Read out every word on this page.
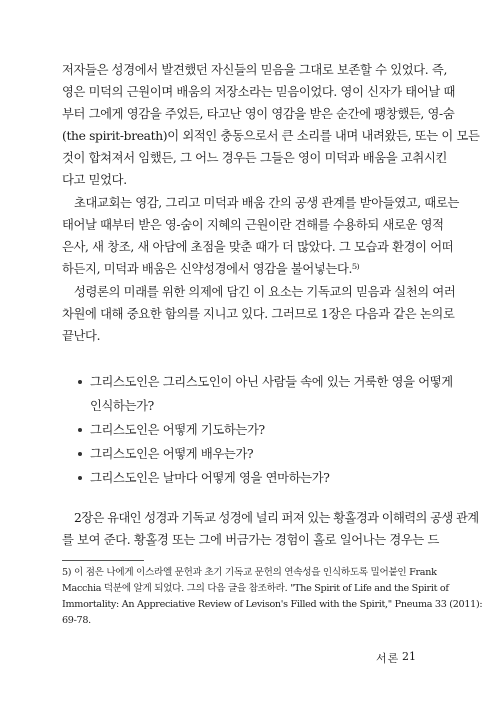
저자들은 성경에서 발견했던 자신들의 믿음을 그대로 보존할 수 있었다. 즉,
영은 미덕의 근원이며 배움의 저장소라는 믿음이었다. 영이 신자가 태어날 때
부터 그에게 영감을 주었든, 타고난 영이 영감을 받은 순간에 팽창했든, 영-숨
(the spirit-breath)이 외적인 충동으로서 큰 소리를 내며 내려왔든, 또는 이 모든
것이 합쳐져서 임했든, 그 어느 경우든 그들은 영이 미덕과 배움을 고취시킨
다고 믿었다.
초대교회는 영감, 그리고 미덕과 배움 간의 공생 관계를 받아들였고, 때로는
태어날 때부터 받은 영-숨이 지혜의 근원이란 견해를 수용하되 새로운 영적
은사, 새 창조, 새 아담에 초점을 맞춘 때가 더 많았다. 그 모습과 환경이 어떠
하든지, 미덕과 배움은 신약성경에서 영감을 불어넣는다.⁵⁾
성령론의 미래를 위한 의제에 담긴 이 요소는 기독교의 믿음과 실천의 여러
차원에 대해 중요한 함의를 지니고 있다. 그러므로 1장은 다음과 같은 논의로
끝난다.
그리스도인은 그리스도인이 아닌 사람들 속에 있는 거룩한 영을 어떻게
인식하는가?
그리스도인은 어떻게 기도하는가?
그리스도인은 어떻게 배우는가?
그리스도인은 날마다 어떻게 영을 연마하는가?
2장은 유대인 성경과 기독교 성경에 널리 퍼져 있는 황홀경과 이해력의 공생 관계
를 보여 준다. 황홀경 또는 그에 버금가는 경험이 홀로 일어나는 경우는 드
5) 이 점은 나에게 이스라엘 문헌과 초기 기독교 문헌의 연속성을 인식하도록 밀어붙인 Frank
Macchia 덕분에 알게 되었다. 그의 다음 글을 참조하라. "The Spirit of Life and the Spirit of
Immortality: An Appreciative Review of Levison's Filled with the Spirit," Pneuma 33 (2011):
69-78.
서론 21
